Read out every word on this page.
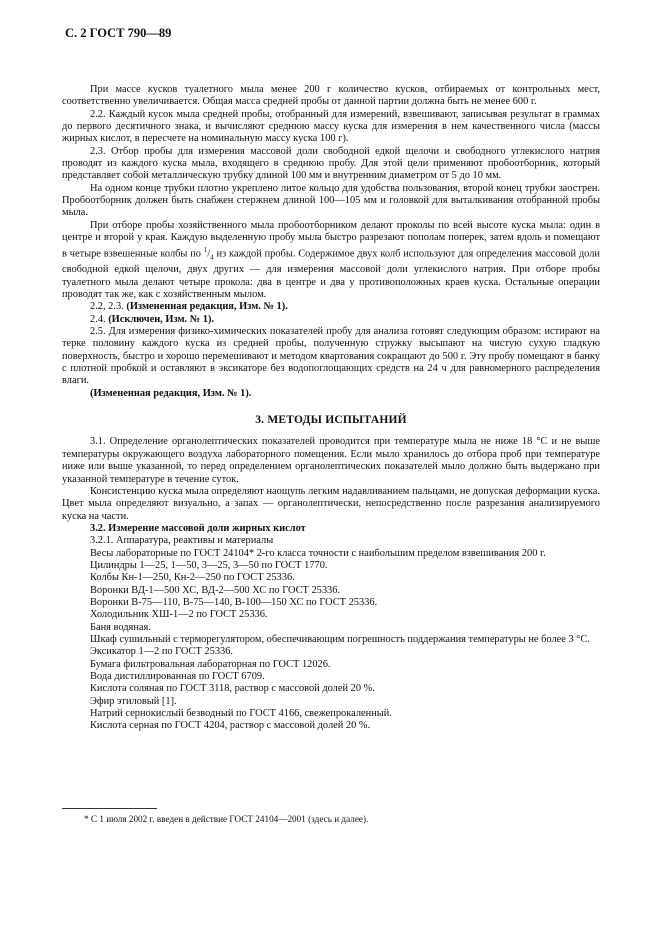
С. 2 ГОСТ 790—89

При массе кусков туалетного мыла менее 200 г количество кусков, отбираемых от контрольных мест, соответственно увеличивается. Общая масса средней пробы от данной партии должна быть не менее 600 г.

2.2. Каждый кусок мыла средней пробы, отобранный для измерений, взвешивают, записывая результат в граммах до первого десятичного знака, и вычисляют среднюю массу куска для измерения в нем качественного числа (массы жирных кислот, в пересчете на номинальную массу куска 100 г).

2.3. Отбор пробы для измерения массовой доли свободной едкой щелочи и свободного углекислого натрия проводят из каждого куска мыла, входящего в среднюю пробу. Для этой цели применяют пробоотборник, который представляет собой металлическую трубку длиной 100 мм и внутренним диаметром от 5 до 10 мм.

На одном конце трубки плотно укреплено литое кольцо для удобства пользования, второй конец трубки заострен. Пробоотборник должен быть снабжен стержнем длиной 100—105 мм и головкой для выталкивания отобранной пробы мыла.

При отборе пробы хозяйственного мыла пробоотборником делают проколы по всей высоте куска мыла: один в центре и второй у края. Каждую выделенную пробу мыла быстро разрезают пополам поперек, затем вдоль и помещают в четыре взвешенные колбы по $^1/_4$ из каждой пробы. Содержимое двух колб используют для определения массовой доли свободной едкой щелочи, двух других — для измерения массовой доли углекислого натрия. При отборе пробы туалетного мыла делают четыре прокола: два в центре и два у противоположных краев куска. Остальные операции проводят так же, как с хозяйственным мылом.

2.2, 2.3. (Измененная редакция, Изм. № 1).

2.4. (Исключен, Изм. № 1).

2.5. Для измерения физико-химических показателей пробу для анализа готовят следующим образом: истирают на терке половину каждого куска из средней пробы, полученную стружку высыпают на чистую сухую гладкую поверхность, быстро и хорошо перемешивают и методом квартования сокращают до 500 г. Эту пробу помещают в банку с плотной пробкой и оставляют в эксикаторе без водопоглощающих средств на 24 ч для равномерного распределения влаги.

(Измененная редакция, Изм. № 1).

3. МЕТОДЫ ИСПЫТАНИЙ

3.1. Определение органолептических показателей проводится при температуре мыла не ниже 18 °С и не выше температуры окружающего воздуха лабораторного помещения. Если мыло хранилось до отбора проб при температуре ниже или выше указанной, то перед определением органолептических показателей мыло должно быть выдержано при указанной температуре в течение суток.

Консистенцию куска мыла определяют наощупь легким надавливанием пальцами, не допуская деформации куска. Цвет мыла определяют визуально, а запах — органолептически, непосредственно после разрезания анализируемого куска на части.

3.2. Измерение массовой доли жирных кислот

3.2.1. Аппаратура, реактивы и материалы

Весы лабораторные по ГОСТ 24104* 2-го класса точности с наибольшим пределом взвешивания 200 г.

Цилиндры 1—25, 1—50, 3—25, 3—50 по ГОСТ 1770.

Колбы Кн-1—250, Кн-2—250 по ГОСТ 25336.

Воронки ВД-1—500 ХС, ВД-2—500 ХС по ГОСТ 25336.

Воронки В-75—110, В-75—140, В-100—150 ХС по ГОСТ 25336.

Холодильник ХШ-1—2 по ГОСТ 25336.

Баня водяная.

Шкаф сушильный с терморегулятором, обеспечивающим погрешность поддержания температуры не более 3 °С.

Эксикатор 1—2 по ГОСТ 25336.

Бумага фильтровальная лабораторная по ГОСТ 12026.

Вода дистиллированная по ГОСТ 6709.

Кислота соляная по ГОСТ 3118, раствор с массовой долей 20 %.

Эфир этиловый [1].

Натрий сернокислый безводный по ГОСТ 4166, свежепрокаленный.

Кислота серная по ГОСТ 4204, раствор с массовой долей 20 %.

* С 1 июля 2002 г. введен в действие ГОСТ 24104—2001 (здесь и далее).
